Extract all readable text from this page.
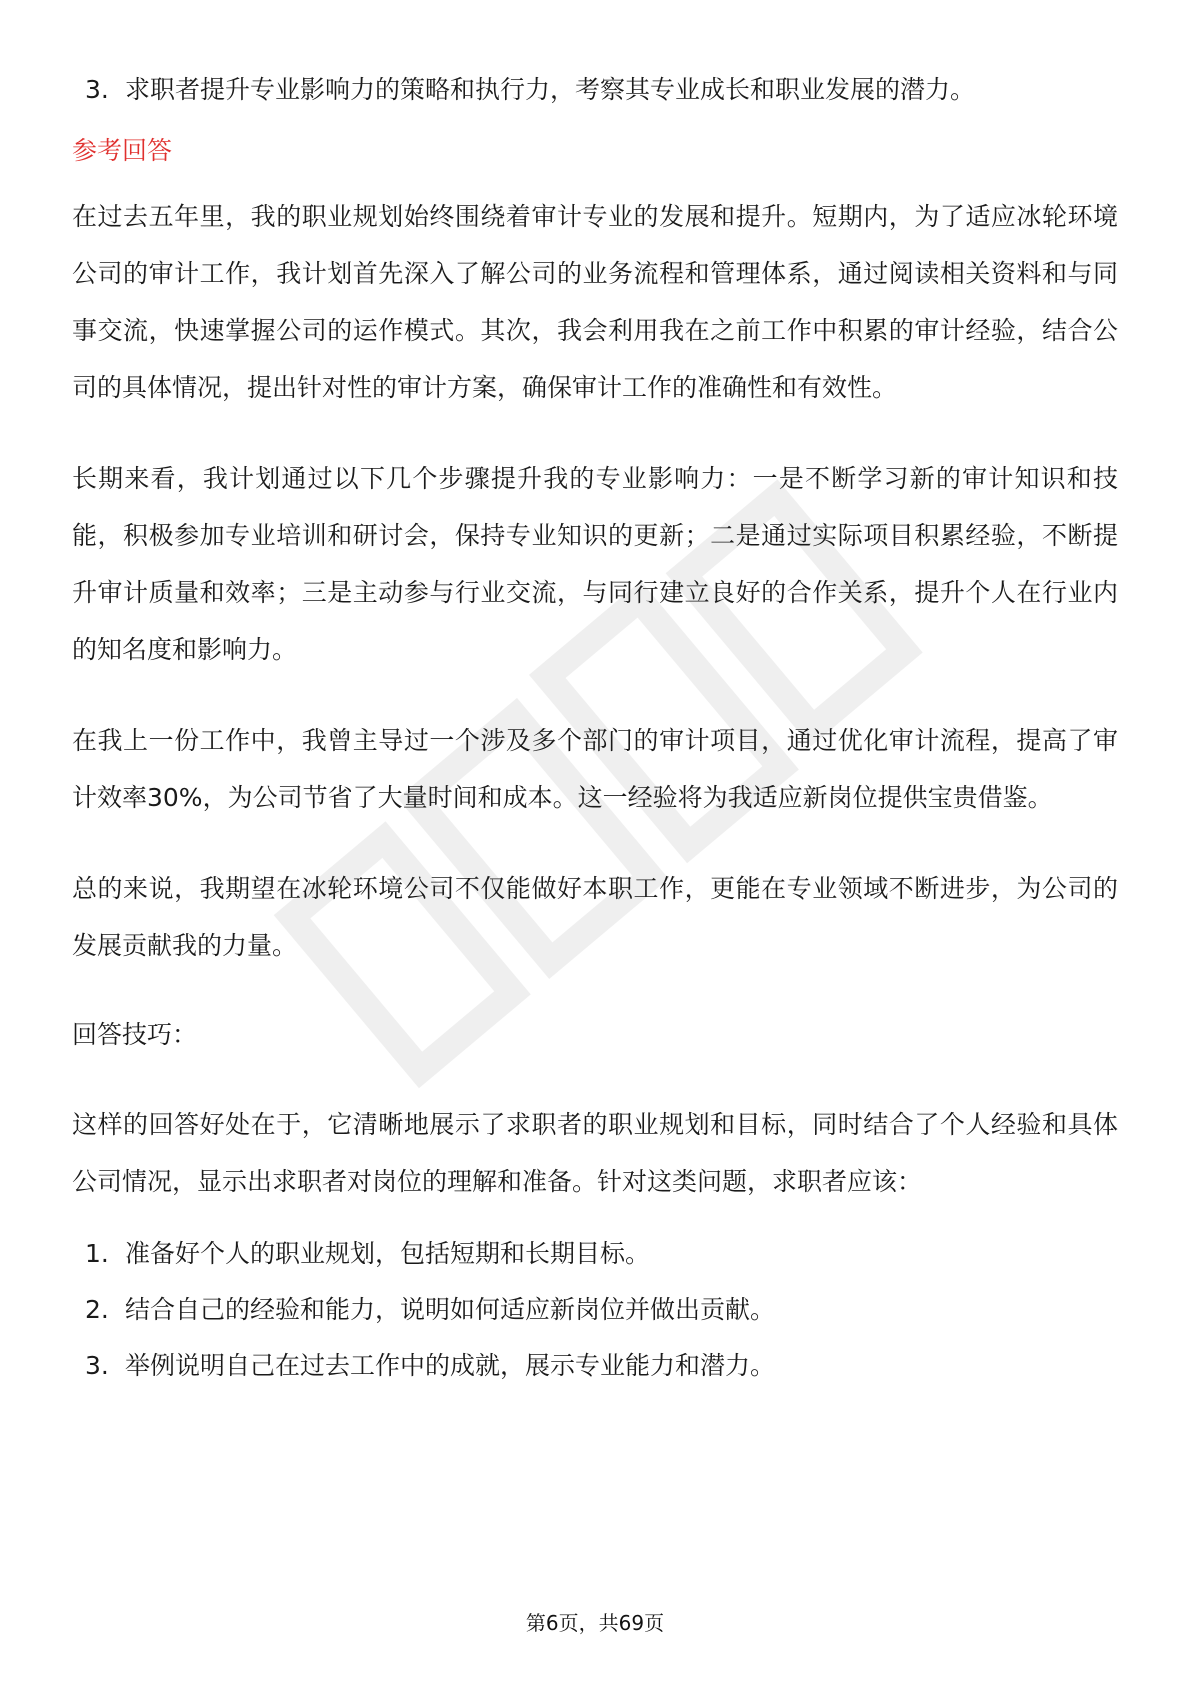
3. 求职者提升专业影响力的策略和执行力，考察其专业成长和职业发展的潜力。
参考回答

在过去五年里，我的职业规划始终围绕着审计专业的发展和提升。短期内，为了适应冰轮环境公司的审计工作，我计划首先深入了解公司的业务流程和管理体系，通过阅读相关资料和与同事交流，快速掌握公司的运作模式。其次，我会利用我在之前工作中积累的审计经验，结合公司的具体情况，提出针对性的审计方案，确保审计工作的准确性和有效性。

长期来看，我计划通过以下几个步骤提升我的专业影响力：一是不断学习新的审计知识和技能，积极参加专业培训和研讨会，保持专业知识的更新；二是通过实际项目积累经验，不断提升审计质量和效率；三是主动参与行业交流，与同行建立良好的合作关系，提升个人在行业内的知名度和影响力。

在我上一份工作中，我曾主导过一个涉及多个部门的审计项目，通过优化审计流程，提高了审计效率30%，为公司节省了大量时间和成本。这一经验将为我适应新岗位提供宝贵借鉴。

总的来说，我期望在冰轮环境公司不仅能做好本职工作，更能在专业领域不断进步，为公司的发展贡献我的力量。

回答技巧：

这样的回答好处在于，它清晰地展示了求职者的职业规划和目标，同时结合了个人经验和具体公司情况，显示出求职者对岗位的理解和准备。针对这类问题，求职者应该：

1. 准备好个人的职业规划，包括短期和长期目标。
2. 结合自己的经验和能力，说明如何适应新岗位并做出贡献。
3. 举例说明自己在过去工作中的成就，展示专业能力和潜力。
第6页，共69页
